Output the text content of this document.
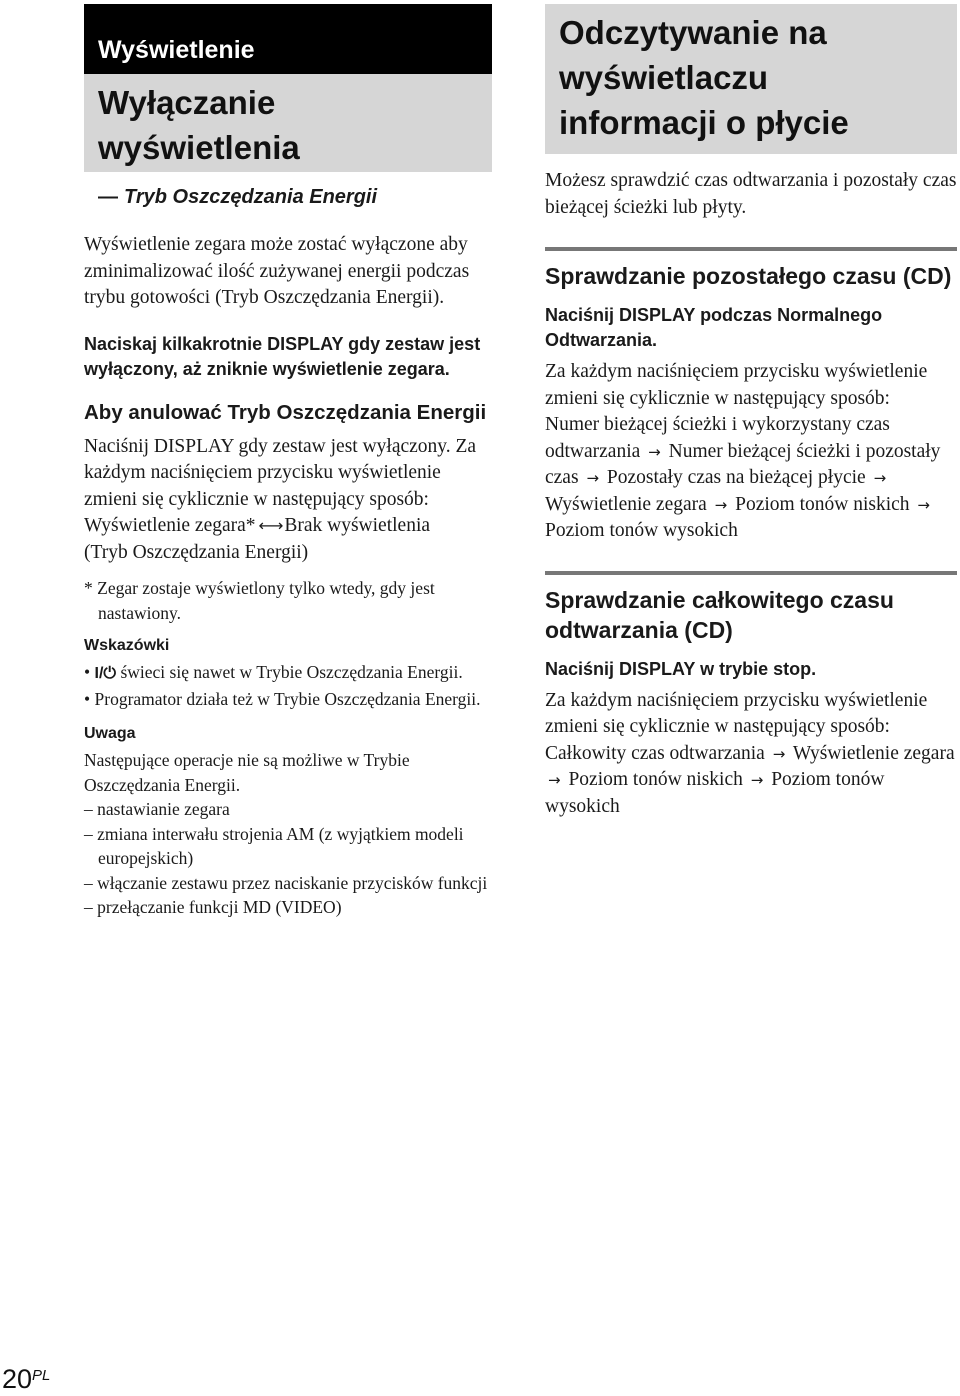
Wyświetlenie
Wyłączanie
wyświetlenia
— Tryb Oszczędzania Energii

Wyświetlenie zegara może zostać wyłączone aby zminimalizować ilość zużywanej energii podczas trybu gotowości (Tryb Oszczędzania Energii).

Naciskaj kilkakrotnie DISPLAY gdy zestaw jest wyłączony, aż zniknie wyświetlenie zegara.

Aby anulować Tryb Oszczędzania Energii

Naciśnij DISPLAY gdy zestaw jest wyłączony. Za każdym naciśnięciem przycisku wyświetlenie zmieni się cyklicznie w następujący sposób:

Wyświetlenie zegara* ←→ Brak wyświetlenia

(Tryb Oszczędzania Energii)

* Zegar zostaje wyświetlony tylko wtedy, gdy jest nastawiony.

Wskazówki

• I/⏻ świeci się nawet w Trybie Oszczędzania Energii.

• Programator działa też w Trybie Oszczędzania Energii.

Uwaga

Następujące operacje nie są możliwe w Trybie Oszczędzania Energii.

– nastawianie zegara

– zmiana interwału strojenia AM (z wyjątkiem modeli europejskich)

– włączanie zestawu przez naciskanie przycisków funkcji

– przełączanie funkcji MD (VIDEO)

Odczytywanie na
wyświetlaczu
informacji o płycie

Możesz sprawdzić czas odtwarzania i pozostały czas bieżącej ścieżki lub płyty.

Sprawdzanie pozostałego czasu (CD)

Naciśnij DISPLAY podczas Normalnego Odtwarzania.

Za każdym naciśnięciem przycisku wyświetlenie zmieni się cyklicznie w następujący sposób:

Numer bieżącej ścieżki i wykorzystany czas odtwarzania → Numer bieżącej ścieżki i pozostały czas → Pozostały czas na bieżącej płycie → Wyświetlenie zegara → Poziom tonów niskich → Poziom tonów wysokich

Sprawdzanie całkowitego czasu odtwarzania (CD)

Naciśnij DISPLAY w trybie stop.

Za każdym naciśnięciem przycisku wyświetlenie zmieni się cyklicznie w następujący sposób:

Całkowity czas odtwarzania → Wyświetlenie zegara → Poziom tonów niskich → Poziom tonów wysokich

$20^{PL}$
